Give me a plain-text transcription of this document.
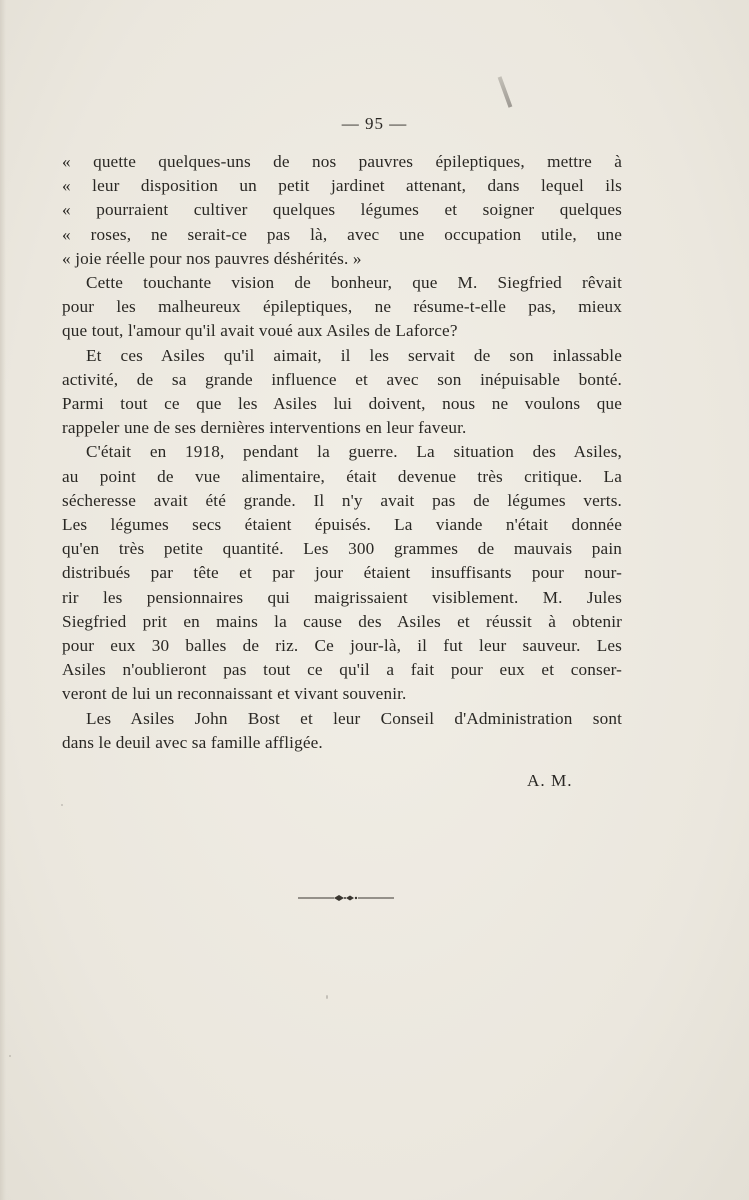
— 95 —
« quette quelques-uns de nos pauvres épileptiques, mettre à
« leur disposition un petit jardinet attenant, dans lequel ils
« pourraient cultiver quelques légumes et soigner quelques
« roses, ne serait-ce pas là, avec une occupation utile, une
« joie réelle pour nos pauvres déshérités. »
Cette touchante vision de bonheur, que M. Siegfried rêvait
pour les malheureux épileptiques, ne résume-t-elle pas, mieux
que tout, l'amour qu'il avait voué aux Asiles de Laforce?
Et ces Asiles qu'il aimait, il les servait de son inlassable
activité, de sa grande influence et avec son inépuisable bonté.
Parmi tout ce que les Asiles lui doivent, nous ne voulons que
rappeler une de ses dernières interventions en leur faveur.
C'était en 1918, pendant la guerre. La situation des Asiles,
au point de vue alimentaire, était devenue très critique. La
sécheresse avait été grande. Il n'y avait pas de légumes verts.
Les légumes secs étaient épuisés. La viande n'était donnée
qu'en très petite quantité. Les 300 grammes de mauvais pain
distribués par tête et par jour étaient insuffisants pour nour-
rir les pensionnaires qui maigrissaient visiblement. M. Jules
Siegfried prit en mains la cause des Asiles et réussit à obtenir
pour eux 30 balles de riz. Ce jour-là, il fut leur sauveur. Les
Asiles n'oublieront pas tout ce qu'il a fait pour eux et conser-
veront de lui un reconnaissant et vivant souvenir.
Les Asiles John Bost et leur Conseil d'Administration sont
dans le deuil avec sa famille affligée.
A. M.
